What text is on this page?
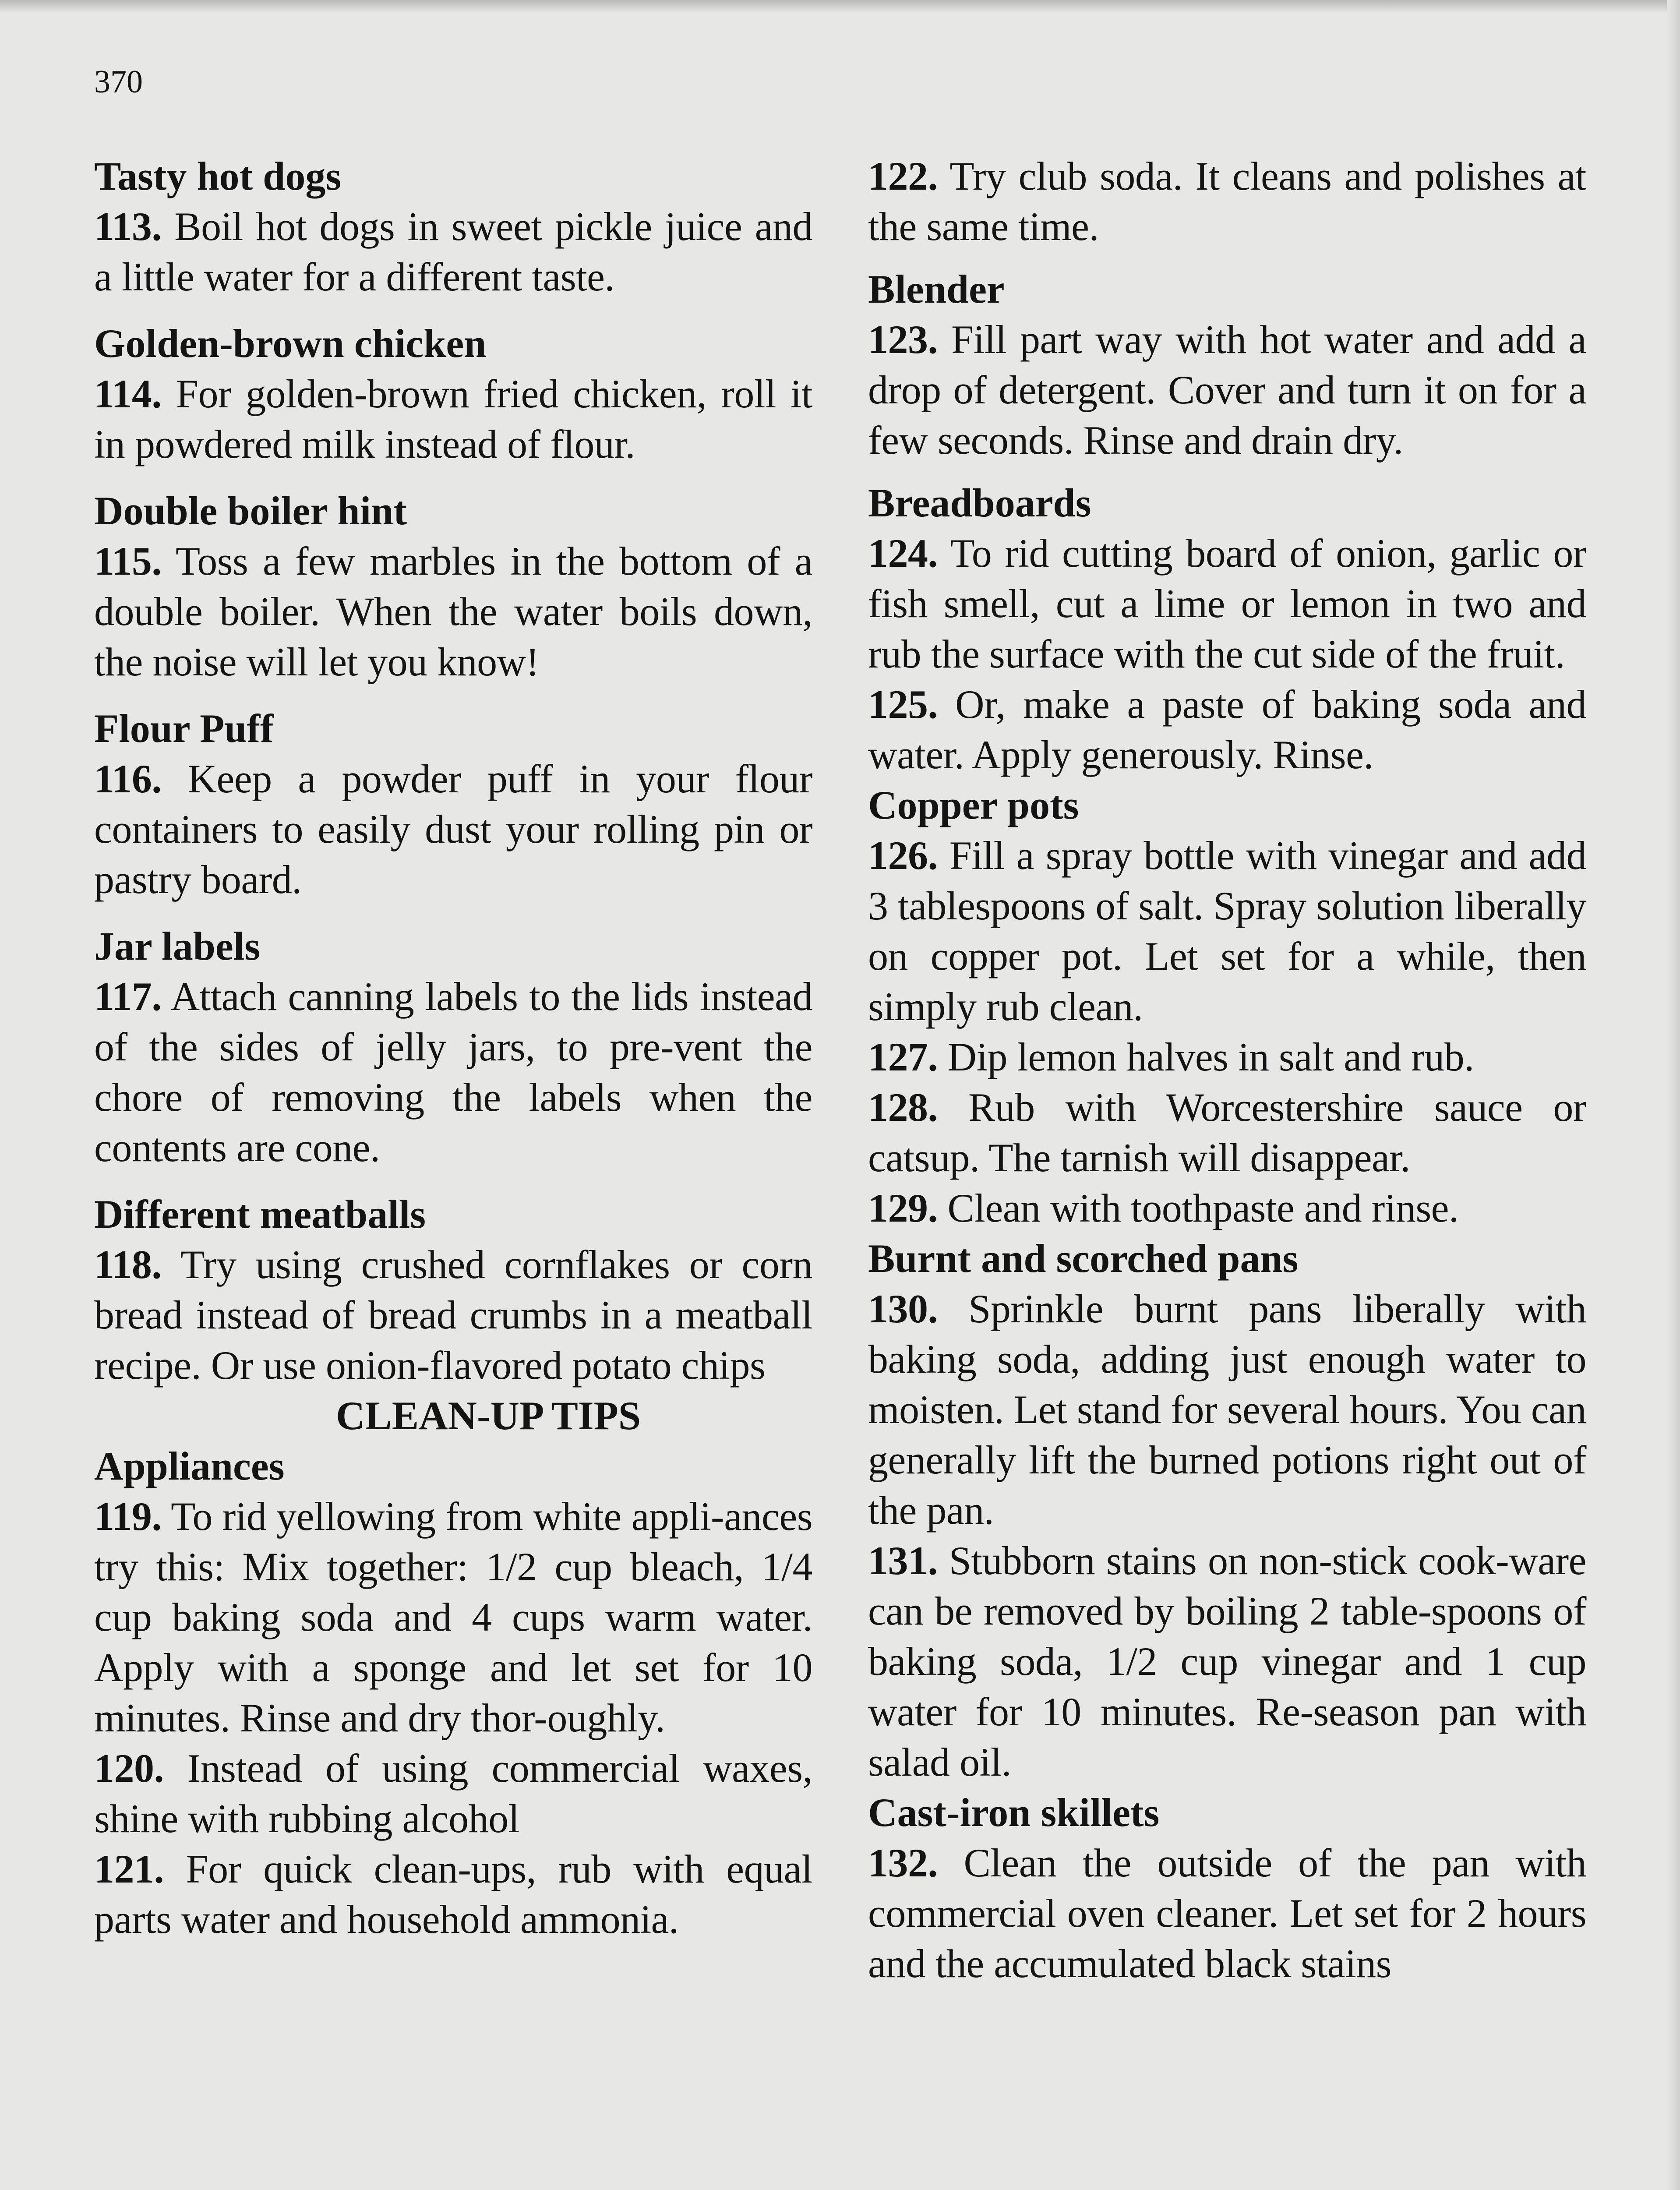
370
Tasty hot dogs

113. Boil hot dogs in sweet pickle juice and a little water for a different taste.

Golden-brown chicken

114. For golden-brown fried chicken, roll it in powdered milk instead of flour.

Double boiler hint

115. Toss a few marbles in the bottom of a double boiler. When the water boils down, the noise will let you know!

Flour Puff

116. Keep a powder puff in your flour containers to easily dust your rolling pin or pastry board.

Jar labels

117. Attach canning labels to the lids instead of the sides of jelly jars, to pre-vent the chore of removing the labels when the contents are cone.

Different meatballs

118. Try using crushed cornflakes or corn bread instead of bread crumbs in a meatball recipe. Or use onion-flavored potato chips

CLEAN-UP TIPS
Appliances

119. To rid yellowing from white appli-ances try this: Mix together: 1/2 cup bleach, 1/4 cup baking soda and 4 cups warm water. Apply with a sponge and let set for 10 minutes. Rinse and dry thor-oughly.

120. Instead of using commercial waxes, shine with rubbing alcohol

121. For quick clean-ups, rub with equal parts water and household ammonia.

122. Try club soda. It cleans and polishes at the same time.

Blender

123. Fill part way with hot water and add a drop of detergent. Cover and turn it on for a few seconds. Rinse and drain dry.

Breadboards

124. To rid cutting board of onion, garlic or fish smell, cut a lime or lemon in two and rub the surface with the cut side of the fruit.

125. Or, make a paste of baking soda and water. Apply generously. Rinse.

Copper pots

126. Fill a spray bottle with vinegar and add 3 tablespoons of salt. Spray solution liberally on copper pot. Let set for a while, then simply rub clean.

127. Dip lemon halves in salt and rub.

128. Rub with Worcestershire sauce or catsup. The tarnish will disappear.

129. Clean with toothpaste and rinse.

Burnt and scorched pans

130. Sprinkle burnt pans liberally with baking soda, adding just enough water to moisten. Let stand for several hours. You can generally lift the burned potions right out of the pan.

131. Stubborn stains on non-stick cook-ware can be removed by boiling 2 table-spoons of baking soda, 1/2 cup vinegar and 1 cup water for 10 minutes. Re-season pan with salad oil.

Cast-iron skillets

132. Clean the outside of the pan with commercial oven cleaner. Let set for 2 hours and the accumulated black stains
